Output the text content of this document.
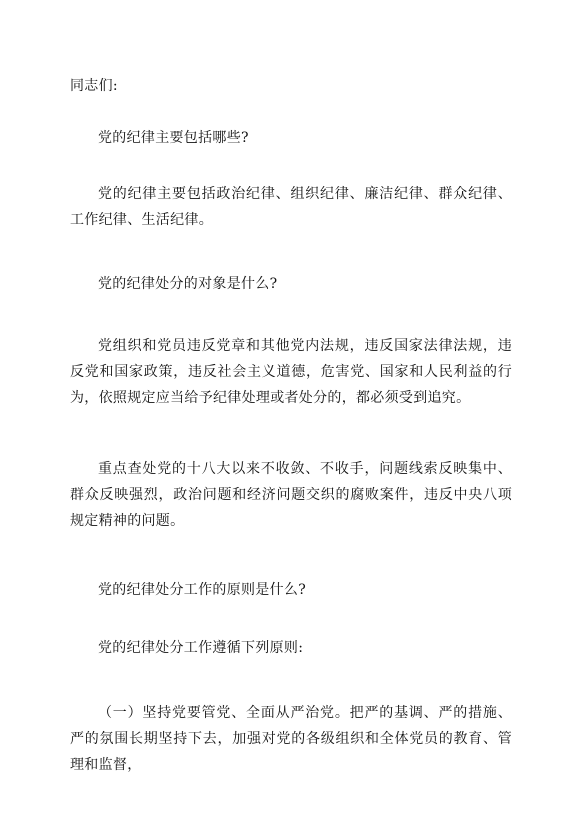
同志们:

党的纪律主要包括哪些?

党的纪律主要包括政治纪律、组织纪律、廉洁纪律、群众纪律、工作纪律、生活纪律。

党的纪律处分的对象是什么?

党组织和党员违反党章和其他党内法规，违反国家法律法规，违反党和国家政策，违反社会主义道德，危害党、国家和人民利益的行为，依照规定应当给予纪律处理或者处分的，都必须受到追究。

重点查处党的十八大以来不收敛、不收手，问题线索反映集中、群众反映强烈，政治问题和经济问题交织的腐败案件，违反中央八项规定精神的问题。

党的纪律处分工作的原则是什么?

党的纪律处分工作遵循下列原则:

（一）坚持党要管党、全面从严治党。把严的基调、严的措施、严的氛围长期坚持下去，加强对党的各级组织和全体党员的教育、管理和监督，
